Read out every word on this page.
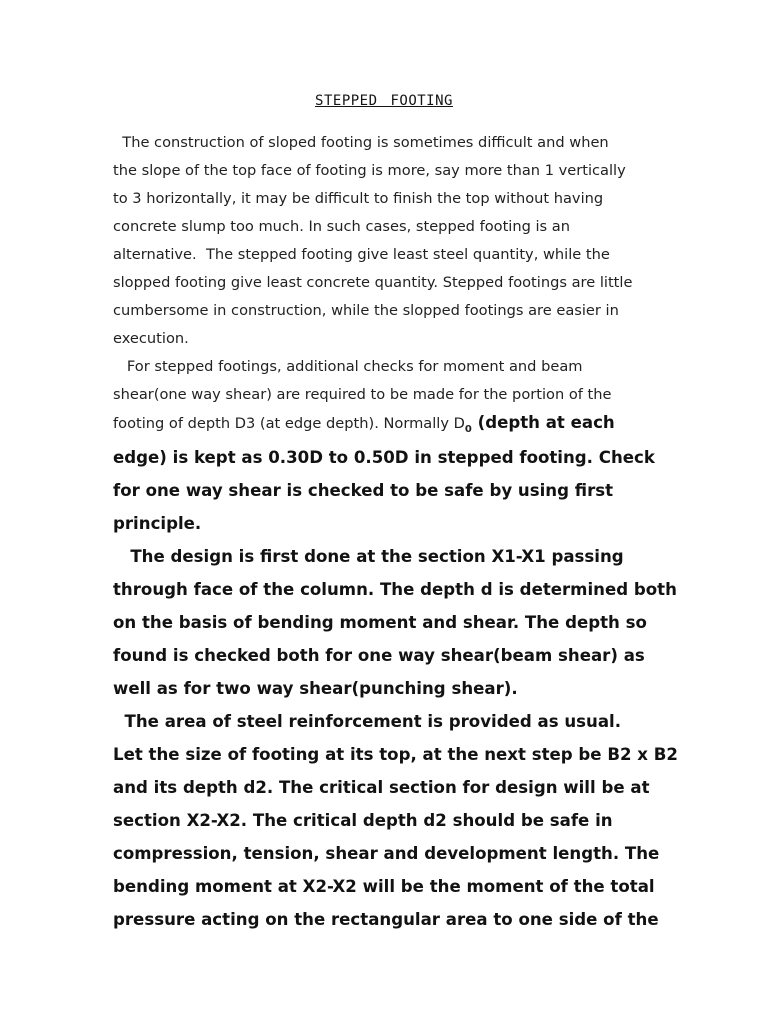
STEPPED FOOTING
The construction of sloped footing is sometimes difficult and when
the slope of the top face of footing is more, say more than 1 vertically
to 3 horizontally, it may be difficult to finish the top without having
concrete slump too much. In such cases, stepped footing is an
alternative.  The stepped footing give least steel quantity, while the
slopped footing give least concrete quantity. Stepped footings are little
cumbersome in construction, while the slopped footings are easier in
execution.
For stepped footings, additional checks for moment and beam
shear(one way shear) are required to be made for the portion of the
footing of depth D3 (at edge depth). Normally $D_0$ (depth at each
edge) is kept as 0.30D to 0.50D in stepped footing. Check
for one way shear is checked to be safe by using first
principle.
The design is first done at the section X1-X1 passing
through face of the column. The depth d is determined both
on the basis of bending moment and shear. The depth so
found is checked both for one way shear(beam shear) as
well as for two way shear(punching shear).
The area of steel reinforcement is provided as usual.
Let the size of footing at its top, at the next step be B2 x B2
and its depth d2. The critical section for design will be at
section X2-X2. The critical depth d2 should be safe in
compression, tension, shear and development length. The
bending moment at X2-X2 will be the moment of the total
pressure acting on the rectangular area to one side of the
